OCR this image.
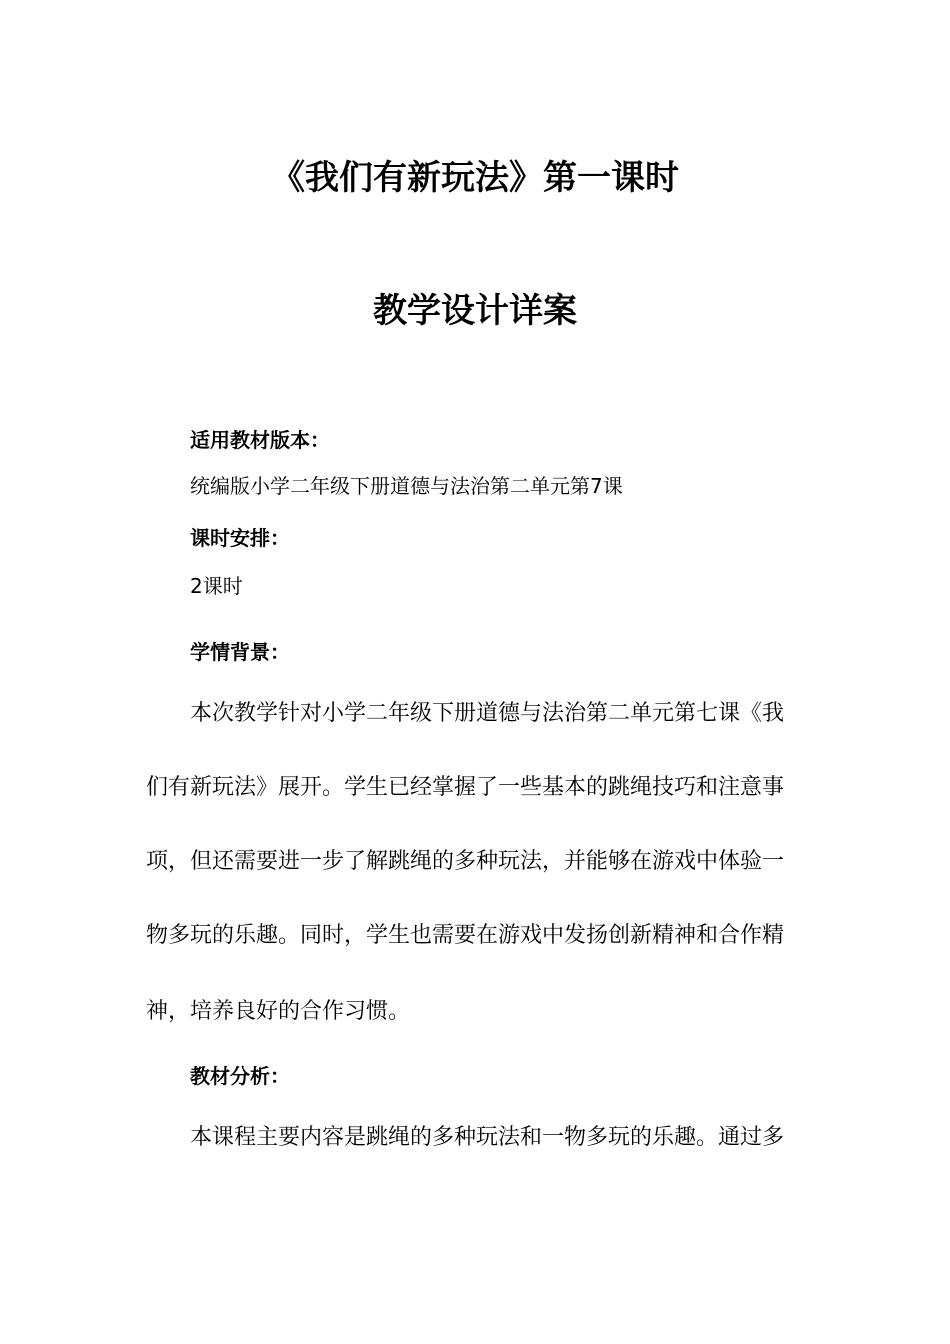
《我们有新玩法》第一课时
教学设计详案
适用教材版本：
统编版小学二年级下册道德与法治第二单元第7课
课时安排：
2课时
学情背景：
本次教学针对小学二年级下册道德与法治第二单元第七课《我
们有新玩法》展开。学生已经掌握了一些基本的跳绳技巧和注意事
项，但还需要进一步了解跳绳的多种玩法，并能够在游戏中体验一
物多玩的乐趣。同时，学生也需要在游戏中发扬创新精神和合作精
神，培养良好的合作习惯。
教材分析：
本课程主要内容是跳绳的多种玩法和一物多玩的乐趣。通过多
